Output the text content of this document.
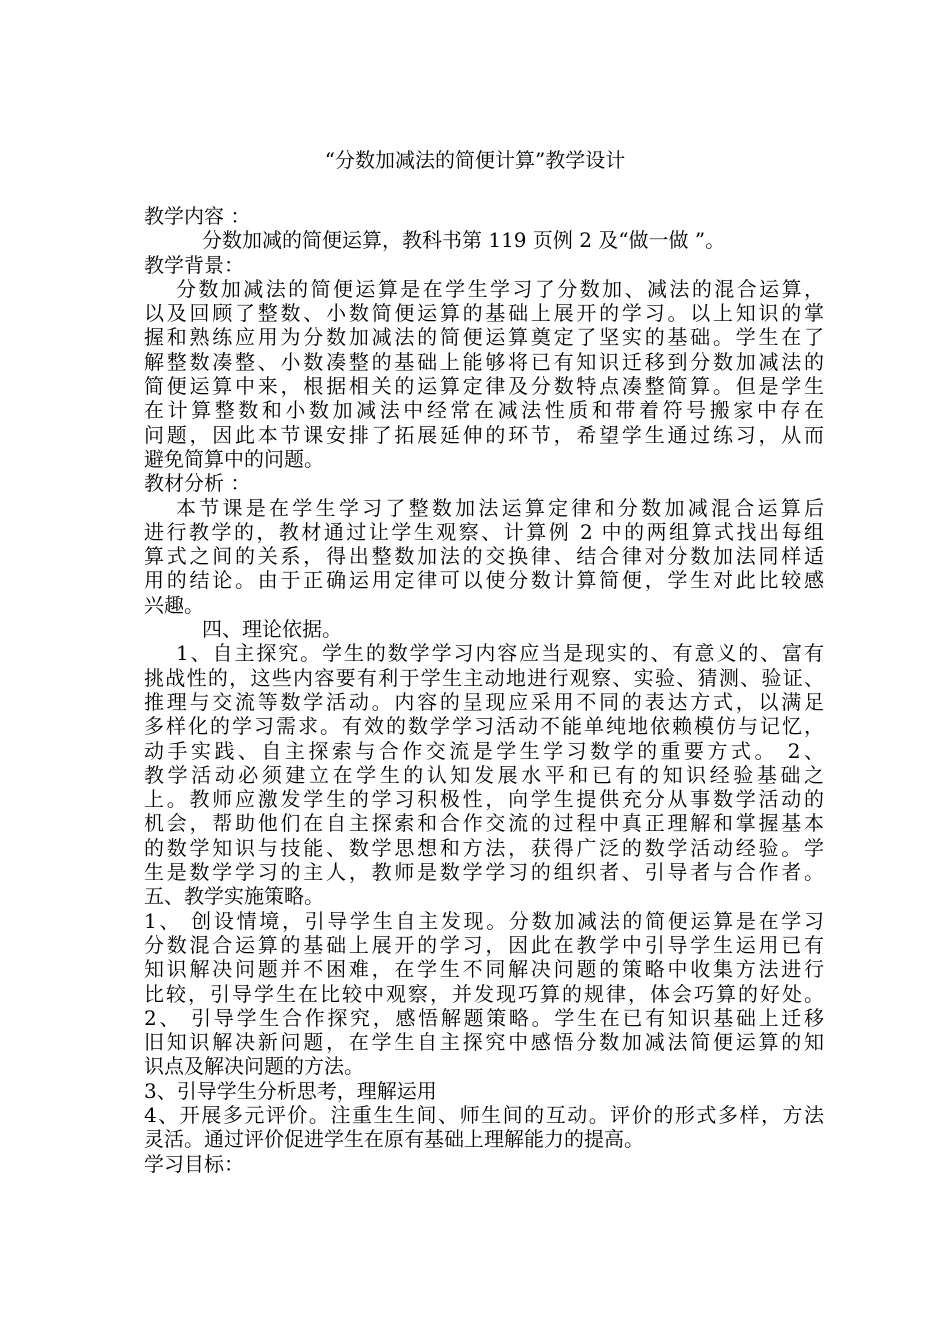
“分数加减法的简便计算”教学设计
教学内容 ：
分数加减的简便运算，教科书第 119 页例 2 及“做一做 ”。
教学背景：
分数加减法的简便运算是在学生学习了分数加、减法的混合运算，
以及回顾了整数、小数简便运算的基础上展开的学习。以上知识的掌
握和熟练应用为分数加减法的简便运算奠定了坚实的基础。学生在了
解整数凑整、小数凑整的基础上能够将已有知识迁移到分数加减法的
简便运算中来，根据相关的运算定律及分数特点凑整简算。但是学生
在计算整数和小数加减法中经常在减法性质和带着符号搬家中存在
问题，因此本节课安排了拓展延伸的环节，希望学生通过练习，从而
避免简算中的问题。
教材分析 ：
本节课是在学生学习了整数加法运算定律和分数加减混合运算后
进行教学的，教材通过让学生观察、计算例 2 中的两组算式找出每组
算式之间的关系，得出整数加法的交换律、结合律对分数加法同样适
用的结论。由于正确运用定律可以使分数计算简便，学生对此比较感
兴趣。
四、理论依据。
1、自主探究。学生的数学学习内容应当是现实的、有意义的、富有
挑战性的，这些内容要有利于学生主动地进行观察、实验、猜测、验证、
推理与交流等数学活动。内容的呈现应采用不同的表达方式，以满足
多样化的学习需求。有效的数学学习活动不能单纯地依赖模仿与记忆，
动手实践、自主探索与合作交流是学生学习数学的重要方式。 2、
教学活动必须建立在学生的认知发展水平和已有的知识经验基础之
上。教师应激发学生的学习积极性，向学生提供充分从事数学活动的
机会，帮助他们在自主探索和合作交流的过程中真正理解和掌握基本
的数学知识与技能、数学思想和方法，获得广泛的数学活动经验。学
生是数学学习的主人，教师是数学学习的组织者、引导者与合作者。
五、教学实施策略。
1、 创设情境，引导学生自主发现。分数加减法的简便运算是在学习
分数混合运算的基础上展开的学习，因此在教学中引导学生运用已有
知识解决问题并不困难，在学生不同解决问题的策略中收集方法进行
比较，引导学生在比较中观察，并发现巧算的规律，体会巧算的好处。
2、 引导学生合作探究，感悟解题策略。学生在已有知识基础上迁移
旧知识解决新问题，在学生自主探究中感悟分数加减法简便运算的知
识点及解决问题的方法。
3、引导学生分析思考，理解运用
4、开展多元评价。注重生生间、师生间的互动。评价的形式多样，方法
灵活。通过评价促进学生在原有基础上理解能力的提高。
学习目标：
